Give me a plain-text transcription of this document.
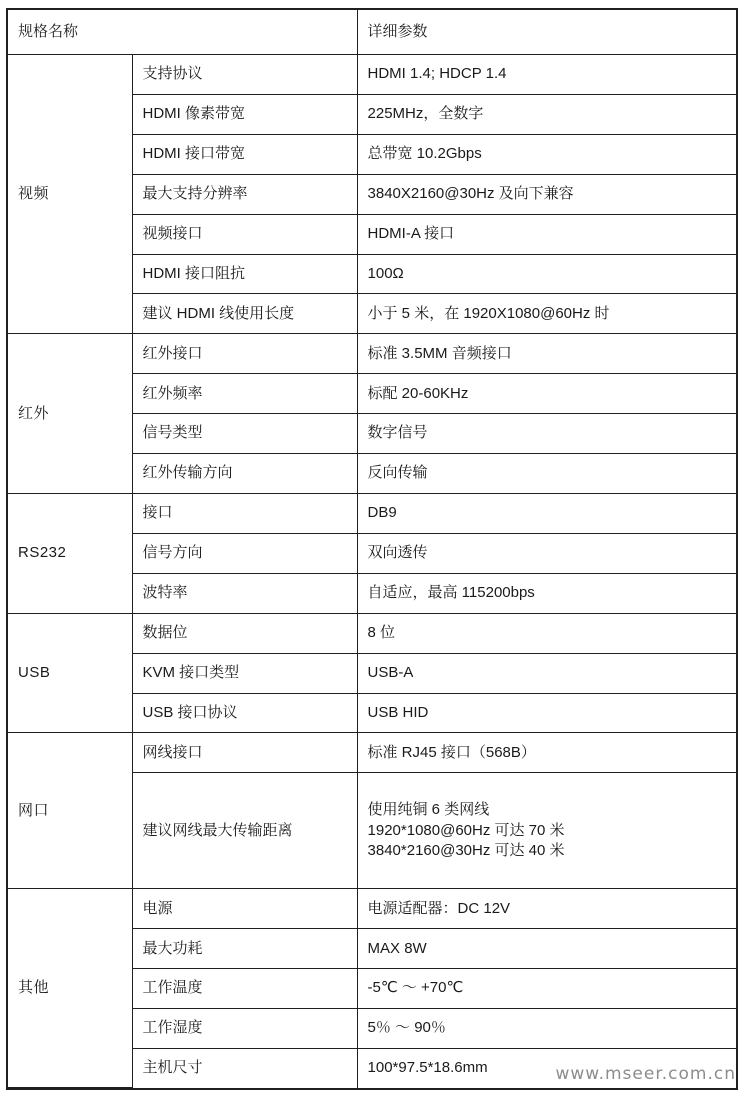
规格名称		详细参数
视频	支持协议	HDMI 1.4; HDCP 1.4
	HDMI 像素带宽	225MHz，全数字
	HDMI 接口带宽	总带宽 10.2Gbps
	最大支持分辨率	3840X2160@30Hz 及向下兼容
	视频接口	HDMI-A 接口
	HDMI 接口阻抗	100Ω
	建议 HDMI 线使用长度	小于 5 米，在 1920X1080@60Hz 时
红外	红外接口	标准 3.5MM 音频接口
	红外频率	标配 20-60KHz
	信号类型	数字信号
	红外传输方向	反向传输
RS232	接口	DB9
	信号方向	双向透传
	波特率	自适应，最高 115200bps
USB	数据位	8 位
	KVM 接口类型	USB-A
	USB 接口协议	USB HID
网口	网线接口	标准 RJ45 接口（568B）
	建议网线最大传输距离	使用纯铜 6 类网线
1920*1080@60Hz 可达 70 米
3840*2160@30Hz 可达 40 米

其他	电源	电源适配器：DC 12V
	最大功耗	MAX 8W
	工作温度	-5℃ ～ +70℃
	工作湿度	5％ ～ 90％
	主机尺寸	100*97.5*18.6mm	www.mseer.com.cn
